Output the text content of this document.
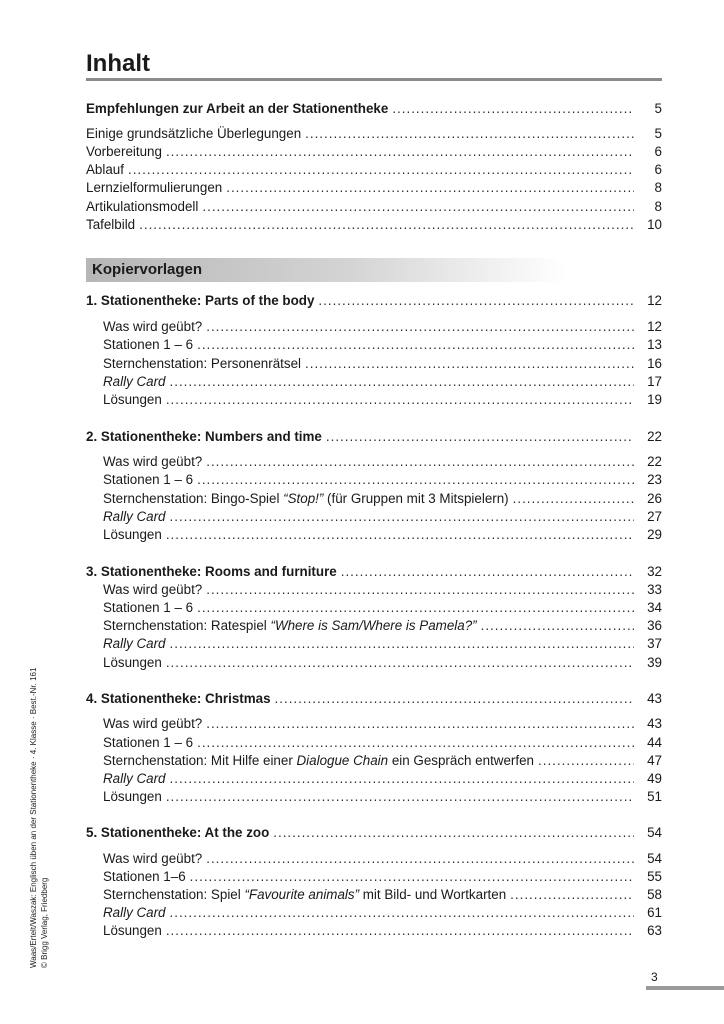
Inhalt
Empfehlungen zur Arbeit an der Stationentheke .....	5
Einige grundsätzliche Überlegungen .....	5
Vorbereitung .....	6
Ablauf .....	6
Lernzielformulierungen .....	8
Artikulationsmodell .....	8
Tafelbild .....	10
Kopiervorlagen
1. Stationentheke: Parts of the body .....	12
Was wird geübt? .....	12
Stationen 1 – 6 .....	13
Sternchenstation: Personenrätsel .....	16
Rally Card .....	17
Lösungen .....	19
2. Stationentheke: Numbers and time .....	22
Was wird geübt? .....	22
Stationen 1 – 6 .....	23
Sternchenstation: Bingo-Spiel “Stop!” (für Gruppen mit 3 Mitspielern) .....	26
Rally Card .....	27
Lösungen .....	29
3. Stationentheke: Rooms and furniture .....	32
Was wird geübt? .....	33
Stationen 1 – 6 .....	34
Sternchenstation: Ratespiel “Where is Sam/Where is Pamela?” .....	36
Rally Card .....	37
Lösungen .....	39
4. Stationentheke: Christmas .....	43
Was wird geübt? .....	43
Stationen 1 – 6 .....	44
Sternchenstation: Mit Hilfe einer Dialogue Chain ein Gespräch entwerfen .....	47
Rally Card .....	49
Lösungen .....	51
5. Stationentheke: At the zoo .....	54
Was wird geübt? .....	54
Stationen 1–6 .....	55
Sternchenstation: Spiel “Favourite animals” mit Bild- und Wortkarten .....	58
Rally Card .....	61
Lösungen .....	63
Waas/Ertelt/Waszak: Englisch üben an der Stationentheke · 4. Klasse · Best.-Nr. 161 © Brigg Verlag, Friedberg
3
